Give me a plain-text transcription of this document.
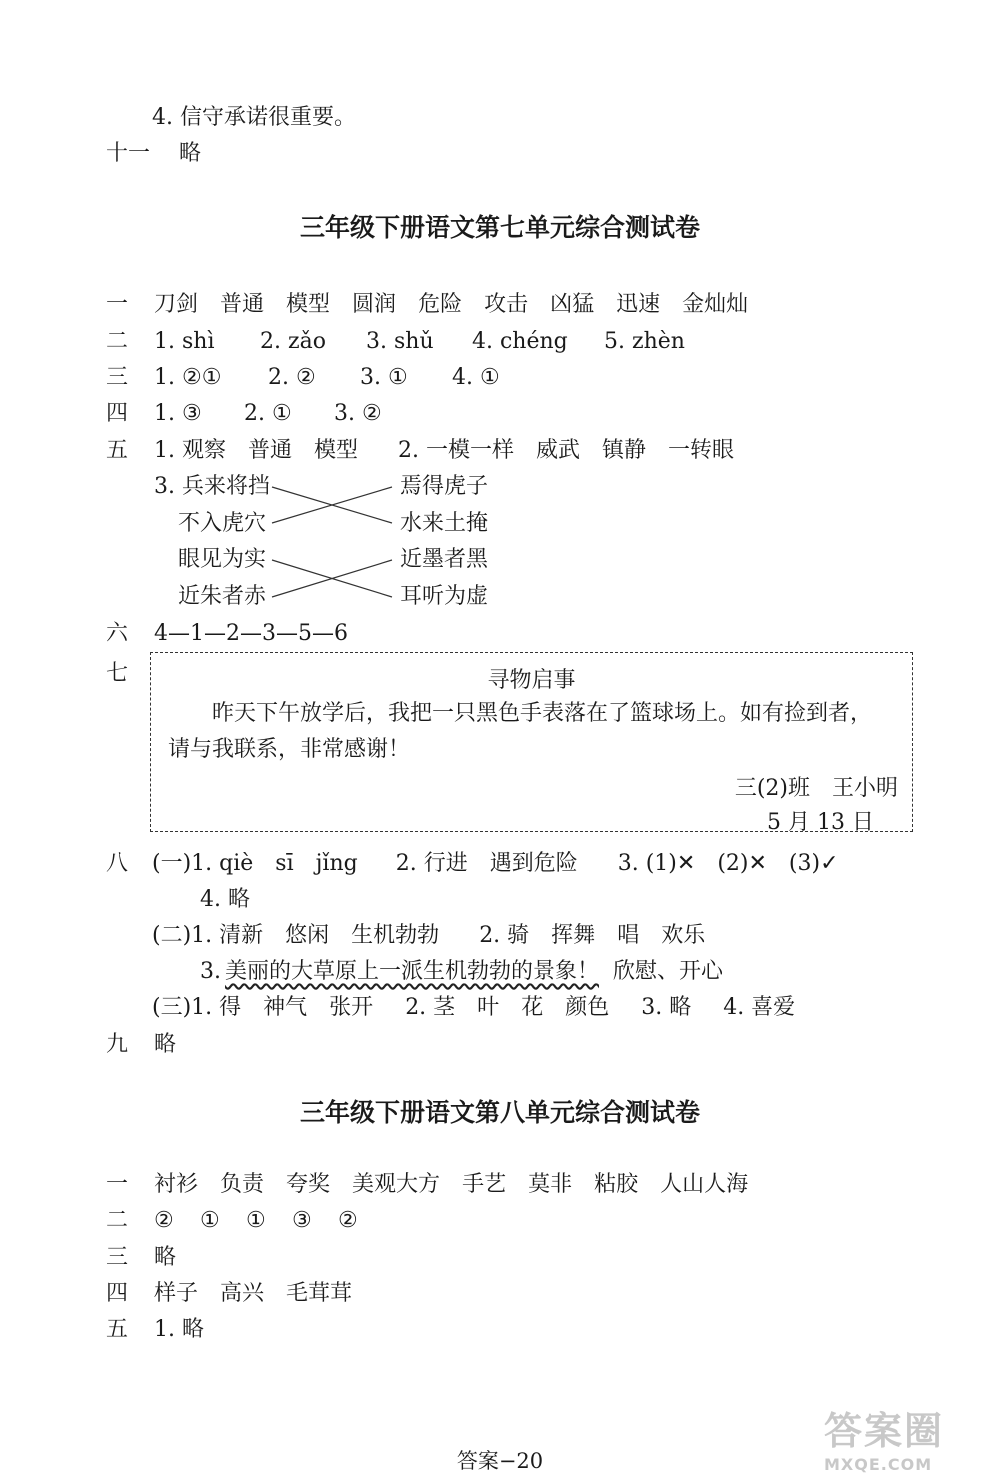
4. 信守承诺很重要。
十一 略
三年级下册语文第七单元综合测试卷
一 刀剑 普通 模型 圆润 危险 攻击 凶猛 迅速 金灿灿
二 1. shì 2. zǎo 3. shǔ 4. chéng 5. zhèn
三 1. ②① 2. ② 3. ① 4. ①
四 1. ③ 2. ① 3. ②
五 1. 观察 普通 模型 2. 一模一样 威武 镇静 一转眼
3. 兵来将挡
不入虎穴
眼见为实
近朱者赤
焉得虎子
水来土掩
近墨者黑
耳听为虚
六 4—1—2—3—5—6
七	寻物启事
昨天下午放学后，我把一只黑色手表落在了篮球场上。如有捡到者，
请与我联系，非常感谢！
三(2)班　王小明
5 月 13 日
八 (一)1. qiè　sī　jǐng 2. 行进 遇到危险 3. (1)✕　(2)✕　(3)✓
4. 略
(二)1. 清新 悠闲 生机勃勃 2. 骑 挥舞 唱 欢乐
3. 美丽的大草原上一派生机勃勃的景象！ 欣慰、开心
(三)1. 得 神气 张开 2. 茎 叶 花 颜色 3. 略 4. 喜爱
九 略
三年级下册语文第八单元综合测试卷
一 衬衫 负责 夸奖 美观大方 手艺 莫非 粘胶 人山人海
二 ② ① ① ③ ②
三 略
四 样子 高兴 毛茸茸
五 1. 略
答案−20
答案圈
MXQE.COM
